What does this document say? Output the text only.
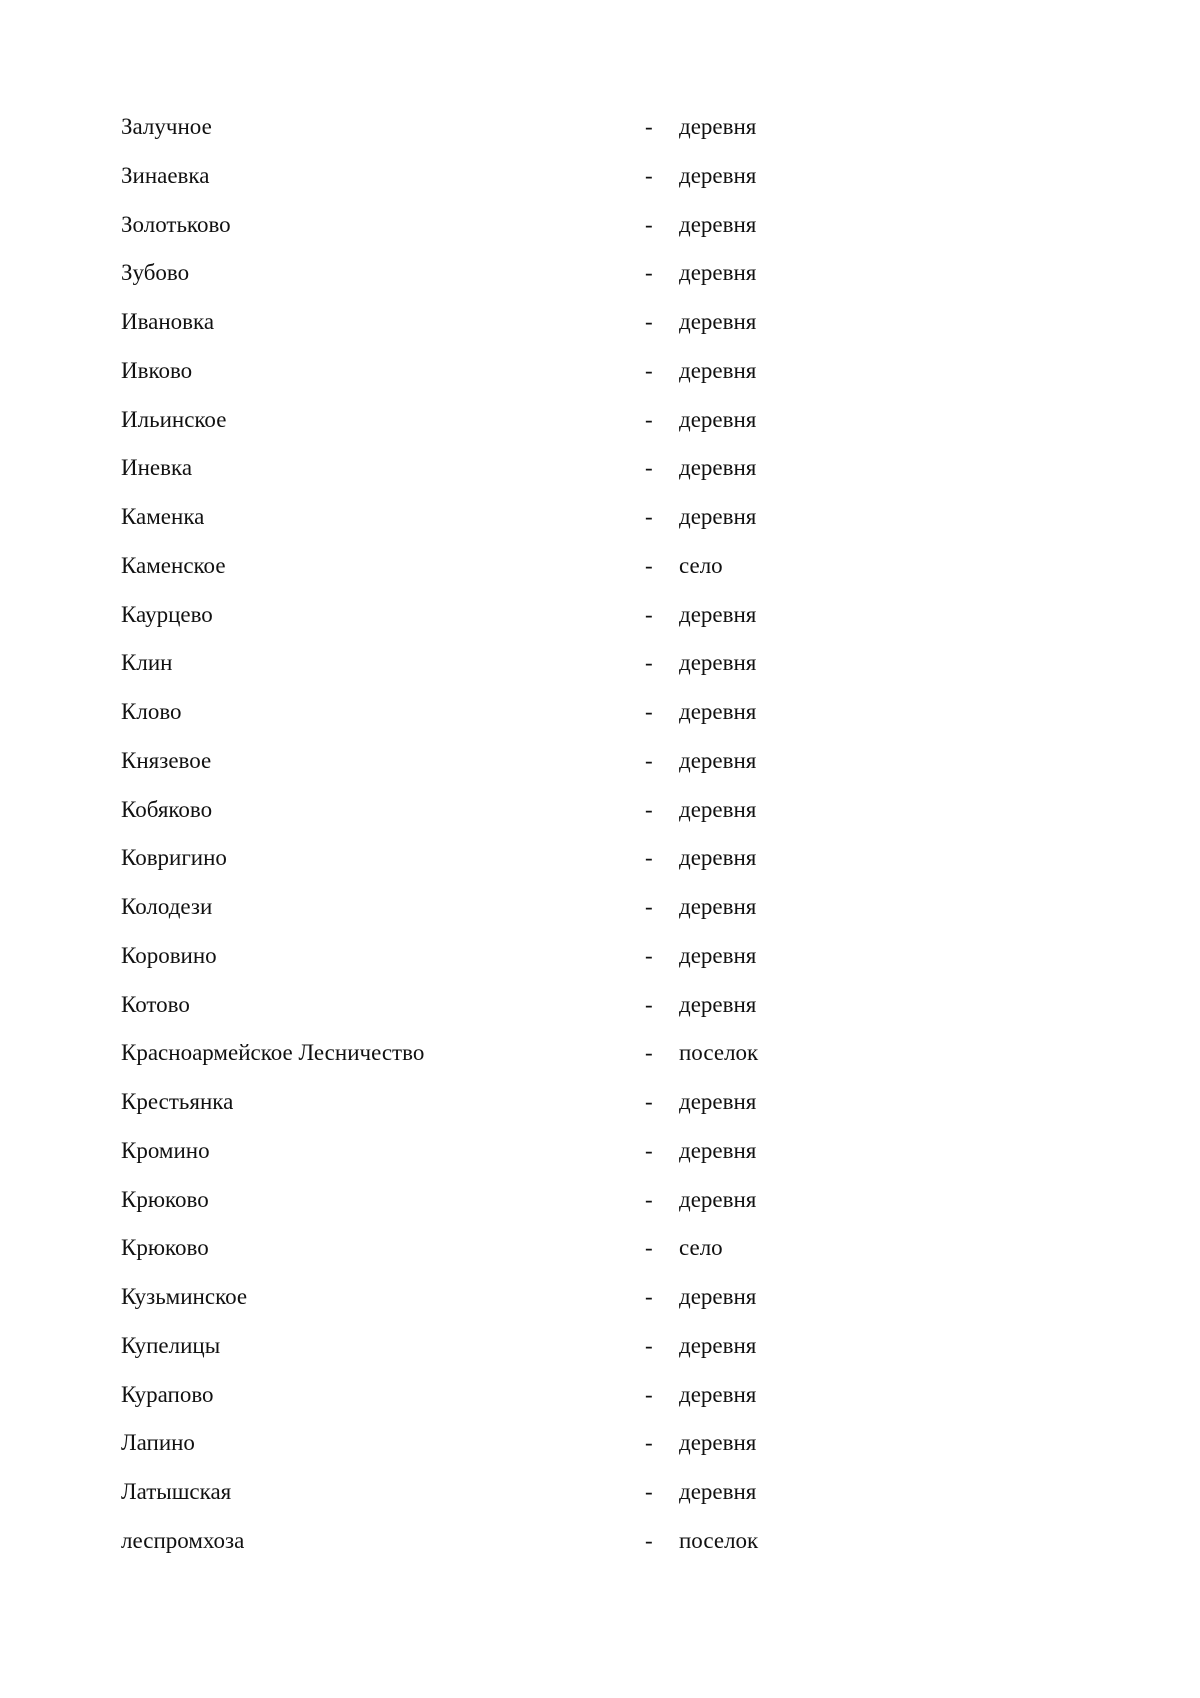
Залучное	- деревня
Зинаевка	- деревня
Золотьково	- деревня
Зубово	- деревня
Ивановка	- деревня
Ивково	- деревня
Ильинское	- деревня
Иневка	- деревня
Каменка	- деревня
Каменское	- село
Каурцево	- деревня
Клин	- деревня
Клово	- деревня
Князевое	- деревня
Кобяково	- деревня
Ковригино	- деревня
Колодези	- деревня
Коровино	- деревня
Котово	- деревня
Красноармейское Лесничество	- поселок
Крестьянка	- деревня
Кромино	- деревня
Крюково	- деревня
Крюково	- село
Кузьминское	- деревня
Купелицы	- деревня
Курапово	- деревня
Лапино	- деревня
Латышская	- деревня
леспромхоза	- поселок
